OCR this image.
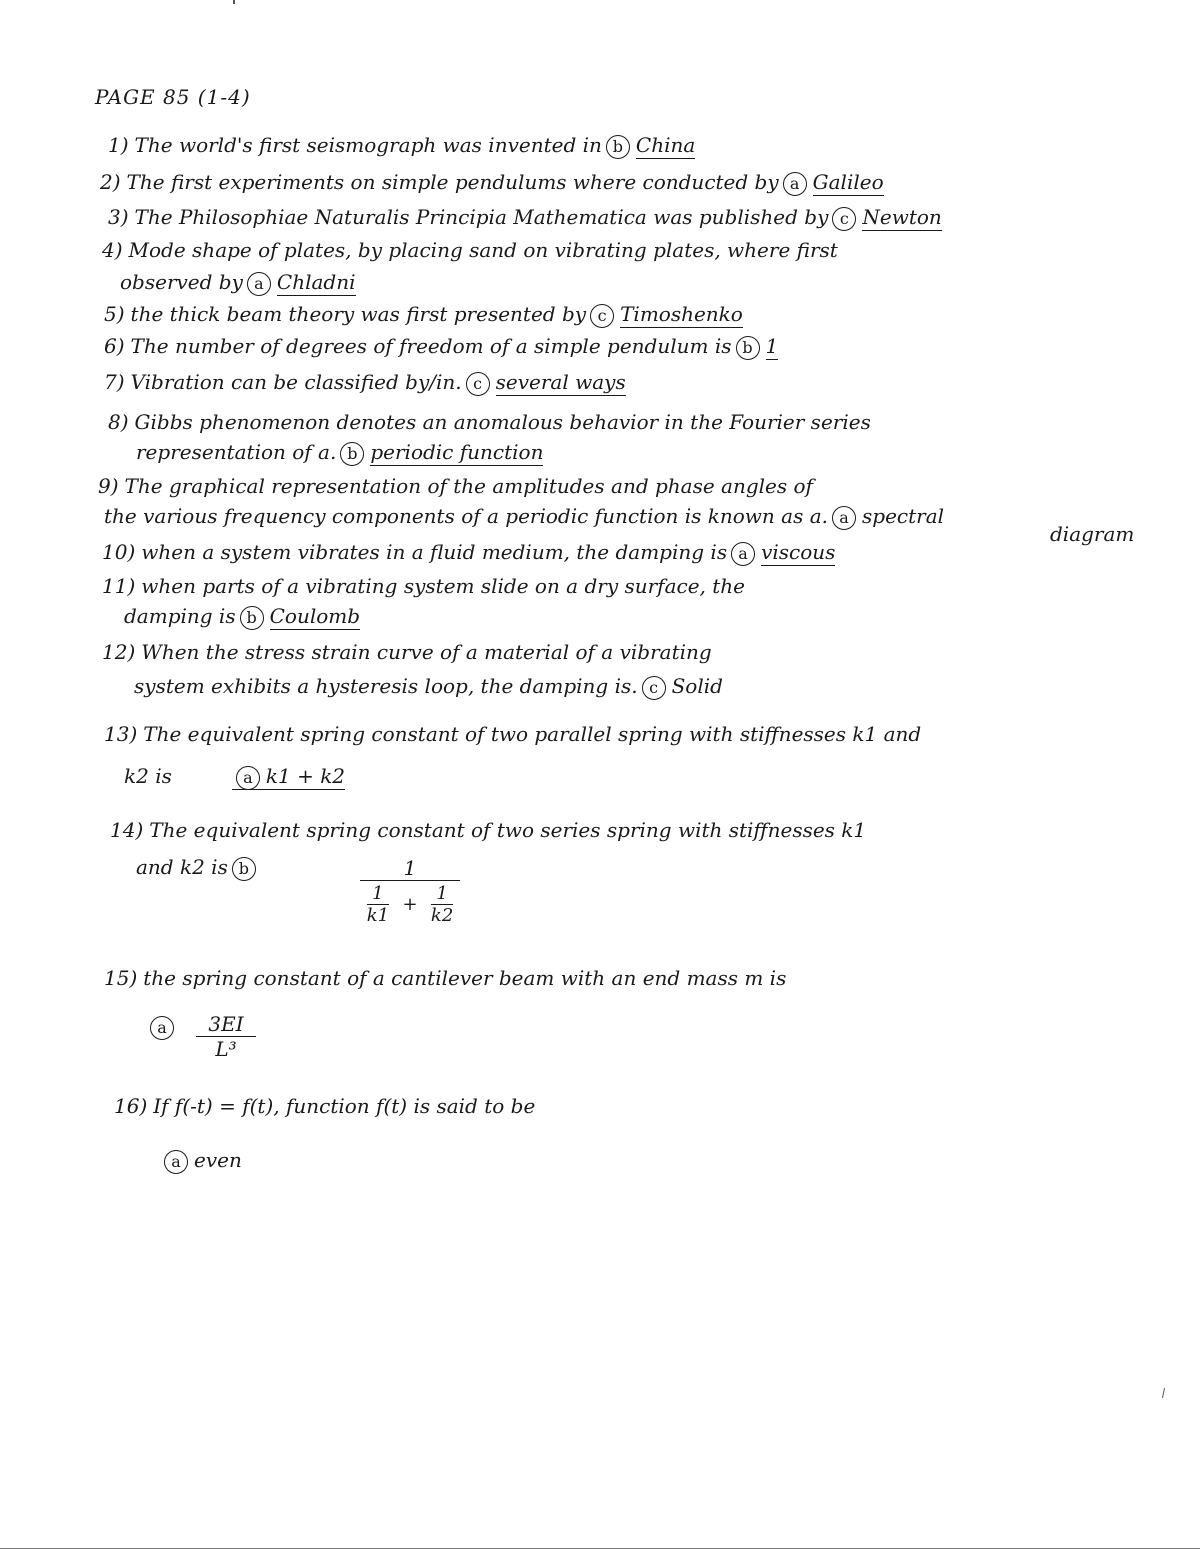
PAGE 85 (1-4)
1) The world's first seismograph was invented in b China
2) The first experiments on simple pendulums where conducted by a Galileo
3) The Philosophiae Naturalis Principia Mathematica was published by c Newton
4) Mode shape of plates, by placing sand on vibrating plates, where first
observed by a Chladni
5) the thick beam theory was first presented by c Timoshenko
6) The number of degrees of freedom of a simple pendulum is b 1
7) Vibration can be classified by/in. c several ways
8) Gibbs phenomenon denotes an anomalous behavior in the Fourier series
representation of a. b periodic function
9) The graphical representation of the amplitudes and phase angles of
the various frequency components of a periodic function is known as a. a spectral
diagram
10) when a system vibrates in a fluid medium, the damping is a viscous
11) when parts of a vibrating system slide on a dry surface, the
damping is b Coulomb
12) When the stress strain curve of a material of a vibrating
system exhibits a hysteresis loop, the damping is. c Solid
13) The equivalent spring constant of two parallel spring with stiffnesses k1 and
k2 is	a k1 + k2
14) The equivalent spring constant of two series spring with stiffnesses k1
and k2 is b	1
1
k1
+
1
k2
15) the spring constant of a cantilever beam with an end mass m is
a	3EI
L³
16) If f(-t) = f(t), function f(t) is said to be
a even
